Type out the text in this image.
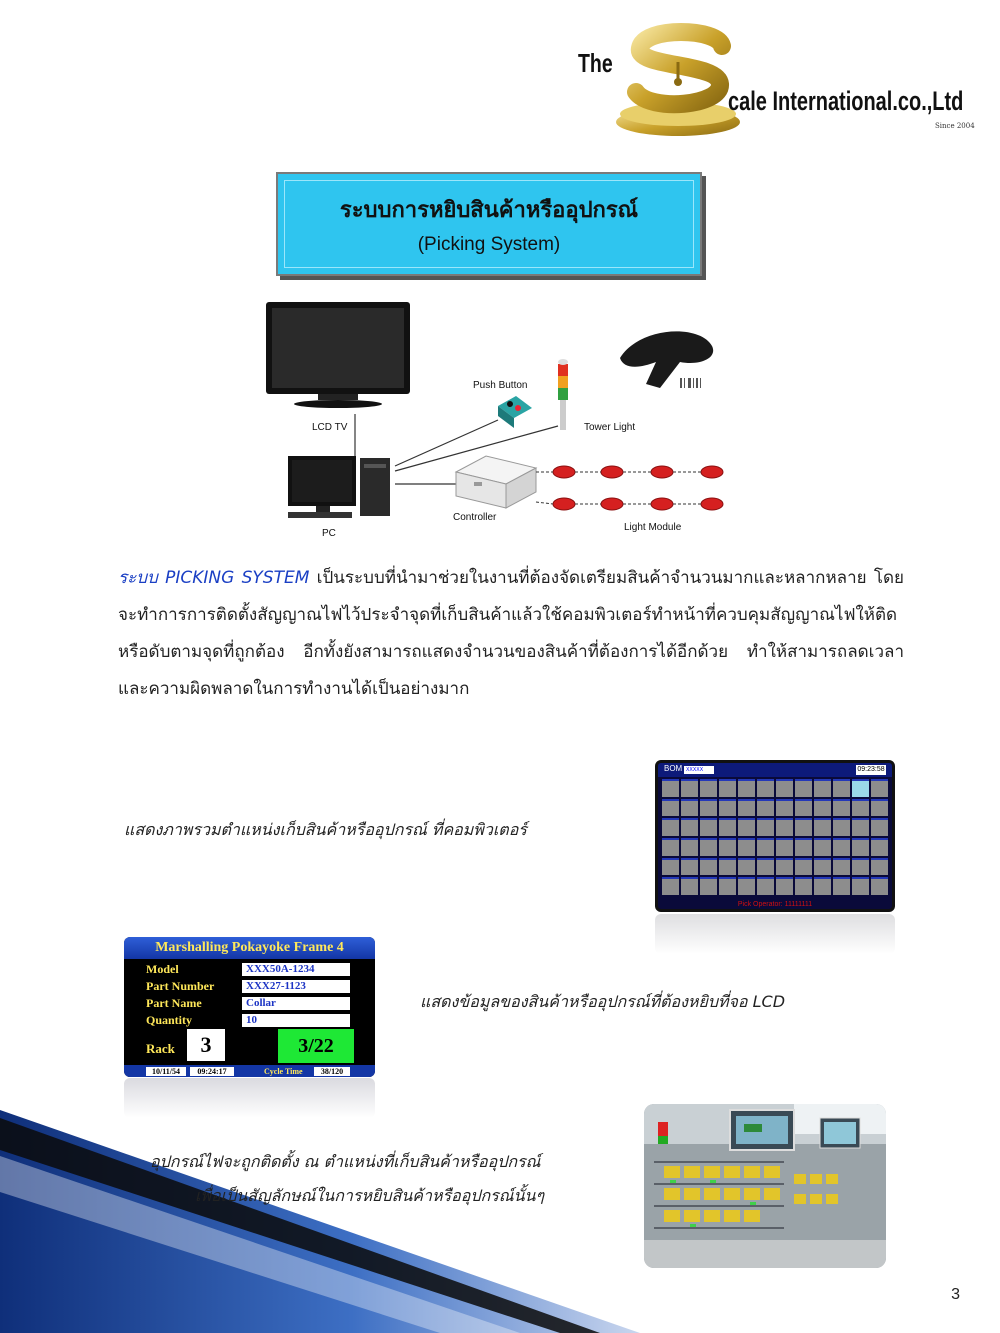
The
cale International.co.,Ltd
Since 2004
ระบบการหยิบสินค้าหรืออุปกรณ์
(Picking System)
LCD TV
Push Button
Tower Light
PC
Controller
Light Module

ระบบ PICKING SYSTEM เป็นระบบที่นำมาช่วยในงานที่ต้องจัดเตรียมสินค้าจำนวนมากและหลากหลาย โดยจะทำการการติดตั้งสัญญาณไฟไว้ประจำจุดที่เก็บสินค้าแล้วใช้คอมพิวเตอร์ทำหน้าที่ควบคุมสัญญาณไฟให้ติดหรือดับตามจุดที่ถูกต้อง อีกทั้งยังสามารถแสดงจำนวนของสินค้าที่ต้องการได้อีกด้วย ทำให้สามารถลดเวลาและความผิดพลาดในการทำงานได้เป็นอย่างมาก

แสดงภาพรวมตำแหน่งเก็บสินค้าหรืออุปกรณ์ ที่คอมพิวเตอร์
BOM XXXXX	09:23:58
Pick Operator: 11111111
Marshalling Pokayoke Frame 4
Model	XXX50A-1234
Part Number	XXX27-1123
Part Name	Collar
Quantity	10
Rack	3	3/22
10/11/54	09:24:17	Cycle Time	38/120
แสดงข้อมูลของสินค้าหรืออุปกรณ์ที่ต้องหยิบที่จอ LCD
อุปกรณ์ไฟจะถูกติดตั้ง ณ ตำแหน่งที่เก็บสินค้าหรืออุปกรณ์
เพื่อเป็นสัญลักษณ์ในการหยิบสินค้าหรืออุปกรณ์นั้นๆ
3
